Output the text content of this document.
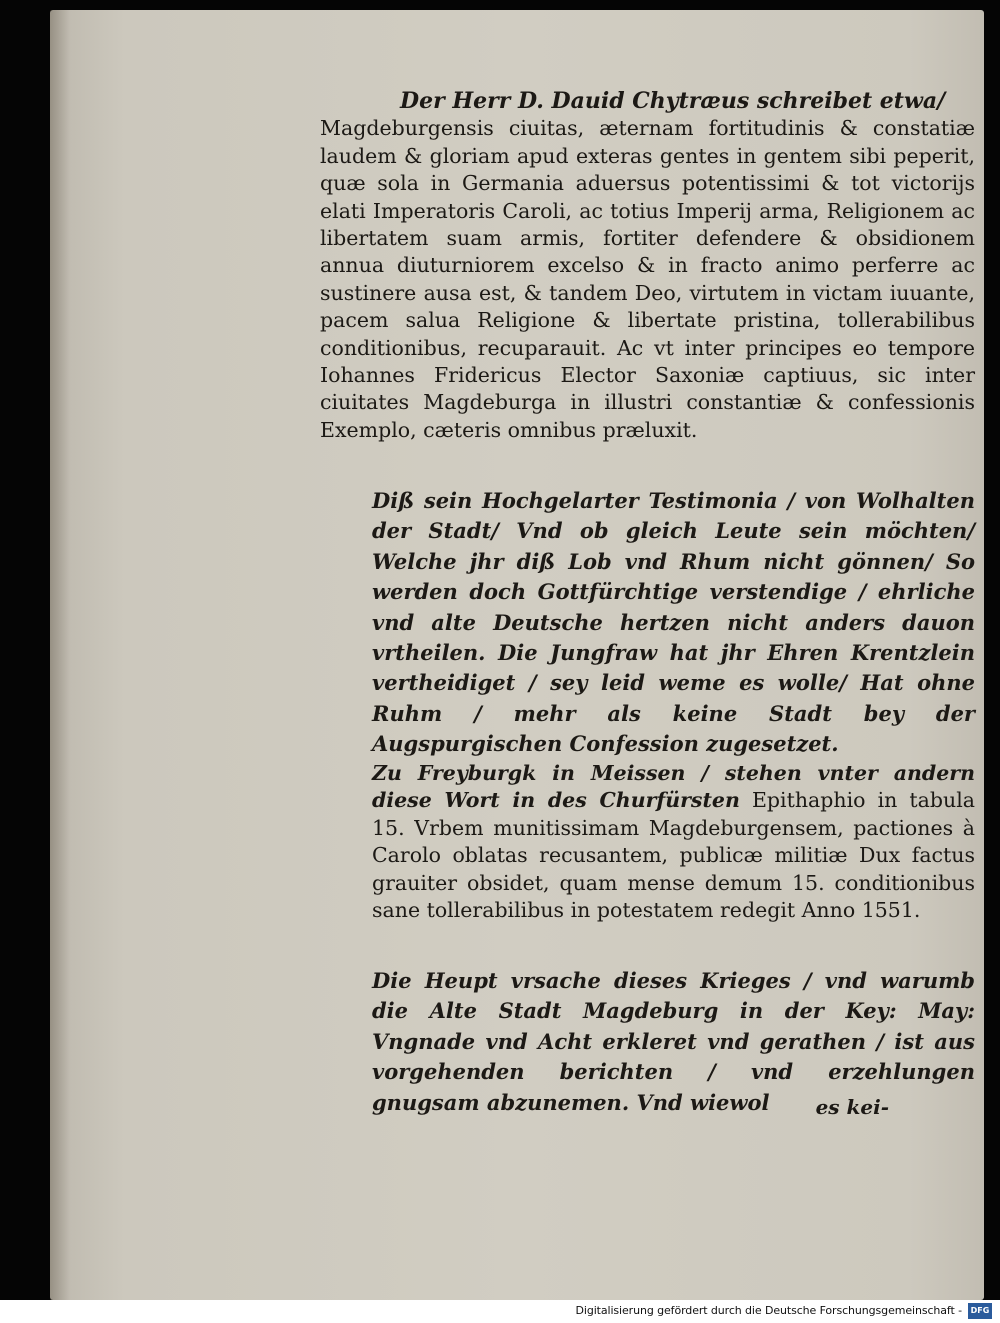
Der Herr D. Dauid Chytræus schreibet etwa/
Magdeburgensis ciuitas, æternam fortitudinis & constatiæ laudem & gloriam apud exteras gentes in gentem sibi peperit, quæ sola in Germania aduersus potentissimi & tot victorijs elati Imperatoris Caroli, ac totius Imperij arma, Religionem ac libertatem suam armis, fortiter defendere & obsidionem annua diuturniorem excelso & in fracto animo perferre ac sustinere ausa est, & tandem Deo, virtutem in victam iuuante, pacem salua Religione & libertate pristina, tollerabilibus conditionibus, recuparauit. Ac vt inter principes eo tempore Iohannes Fridericus Elector Saxoniæ captiuus, sic inter ciuitates Magdeburga in illustri constantiæ & confessionis Exemplo, cæteris omnibus præluxit.

Diß sein Hochgelarter Testimonia / von Wolhalten der Stadt/ Vnd ob gleich Leute sein möchten/ Welche jhr diß Lob vnd Rhum nicht gönnen/ So werden doch Gottfürchtige verstendige / ehrliche vnd alte Deutsche hertzen nicht anders dauon vrtheilen. Die Jungfraw hat jhr Ehren Krentzlein vertheidiget / sey leid weme es wolle/ Hat ohne Ruhm / mehr als keine Stadt bey der Augspurgischen Confession zugesetzet.

Zu Freyburgk in Meissen / stehen vnter andern diese Wort in des Churfürsten Epithaphio in tabula 15. Vrbem munitissimam Magdeburgensem, pactiones à Carolo oblatas recusantem, publicæ militiæ Dux factus grauiter obsidet, quam mense demum 15. conditionibus sane tollerabilibus in potestatem redegit Anno 1551.

Die Heupt vrsache dieses Krieges / vnd warumb die Alte Stadt Magdeburg in der Key: May: Vngnade vnd Acht erkleret vnd gerathen / ist aus vorgehenden berichten / vnd erzehlungen gnugsam abzunemen. Vnd wiewol	es kei-
Digitalisierung gefördert durch die Deutsche Forschungsgemeinschaft -	DFG
